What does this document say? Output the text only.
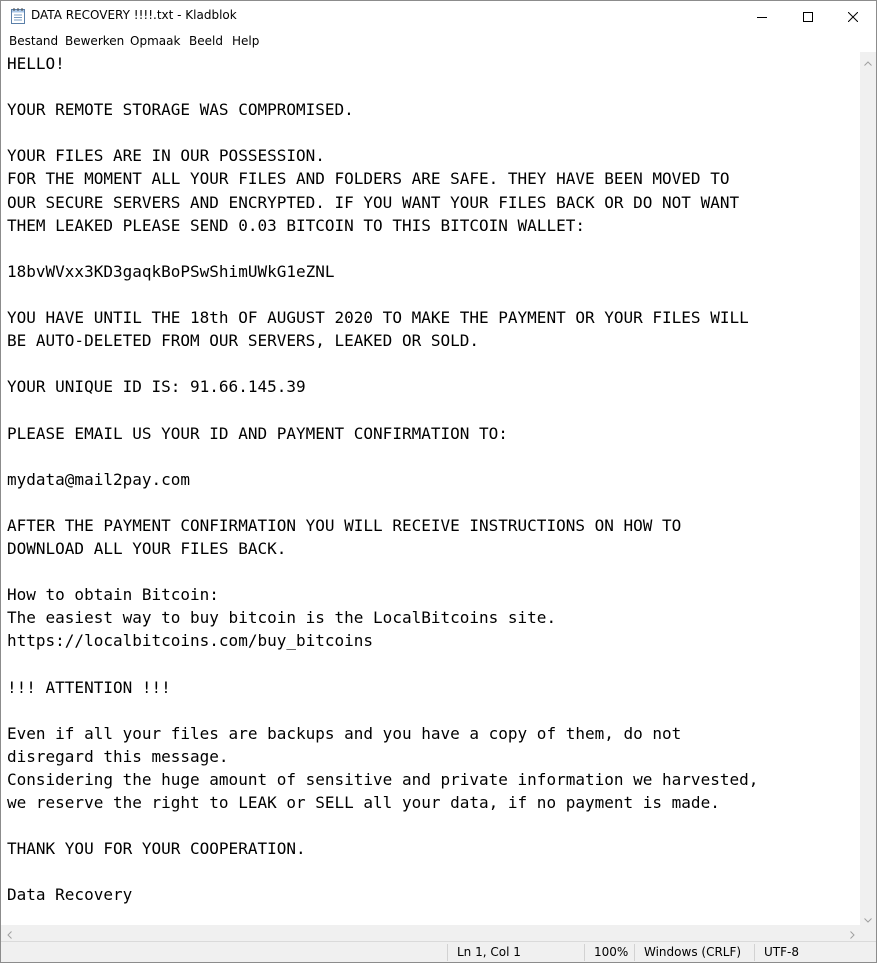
DATA RECOVERY !!!!.txt - Kladblok
Bestand Bewerken Opmaak Beeld Help
HELLO!

YOUR REMOTE STORAGE WAS COMPROMISED.

YOUR FILES ARE IN OUR POSSESSION.
FOR THE MOMENT ALL YOUR FILES AND FOLDERS ARE SAFE. THEY HAVE BEEN MOVED TO
OUR SECURE SERVERS AND ENCRYPTED. IF YOU WANT YOUR FILES BACK OR DO NOT WANT
THEM LEAKED PLEASE SEND 0.03 BITCOIN TO THIS BITCOIN WALLET:

18bvWVxx3KD3gaqkBoPSwShimUWkG1eZNL

YOU HAVE UNTIL THE 18th OF AUGUST 2020 TO MAKE THE PAYMENT OR YOUR FILES WILL
BE AUTO-DELETED FROM OUR SERVERS, LEAKED OR SOLD.

YOUR UNIQUE ID IS: 91.66.145.39

PLEASE EMAIL US YOUR ID AND PAYMENT CONFIRMATION TO:

mydata@mail2pay.com

AFTER THE PAYMENT CONFIRMATION YOU WILL RECEIVE INSTRUCTIONS ON HOW TO
DOWNLOAD ALL YOUR FILES BACK.

How to obtain Bitcoin:
The easiest way to buy bitcoin is the LocalBitcoins site.
https://localbitcoins.com/buy_bitcoins

!!! ATTENTION !!!

Even if all your files are backups and you have a copy of them, do not
disregard this message.
Considering the huge amount of sensitive and private information we harvested,
we reserve the right to LEAK or SELL all your data, if no payment is made.

THANK YOU FOR YOUR COOPERATION.

Data Recovery
Ln 1, Col 1	100% Windows (CRLF) UTF-8
